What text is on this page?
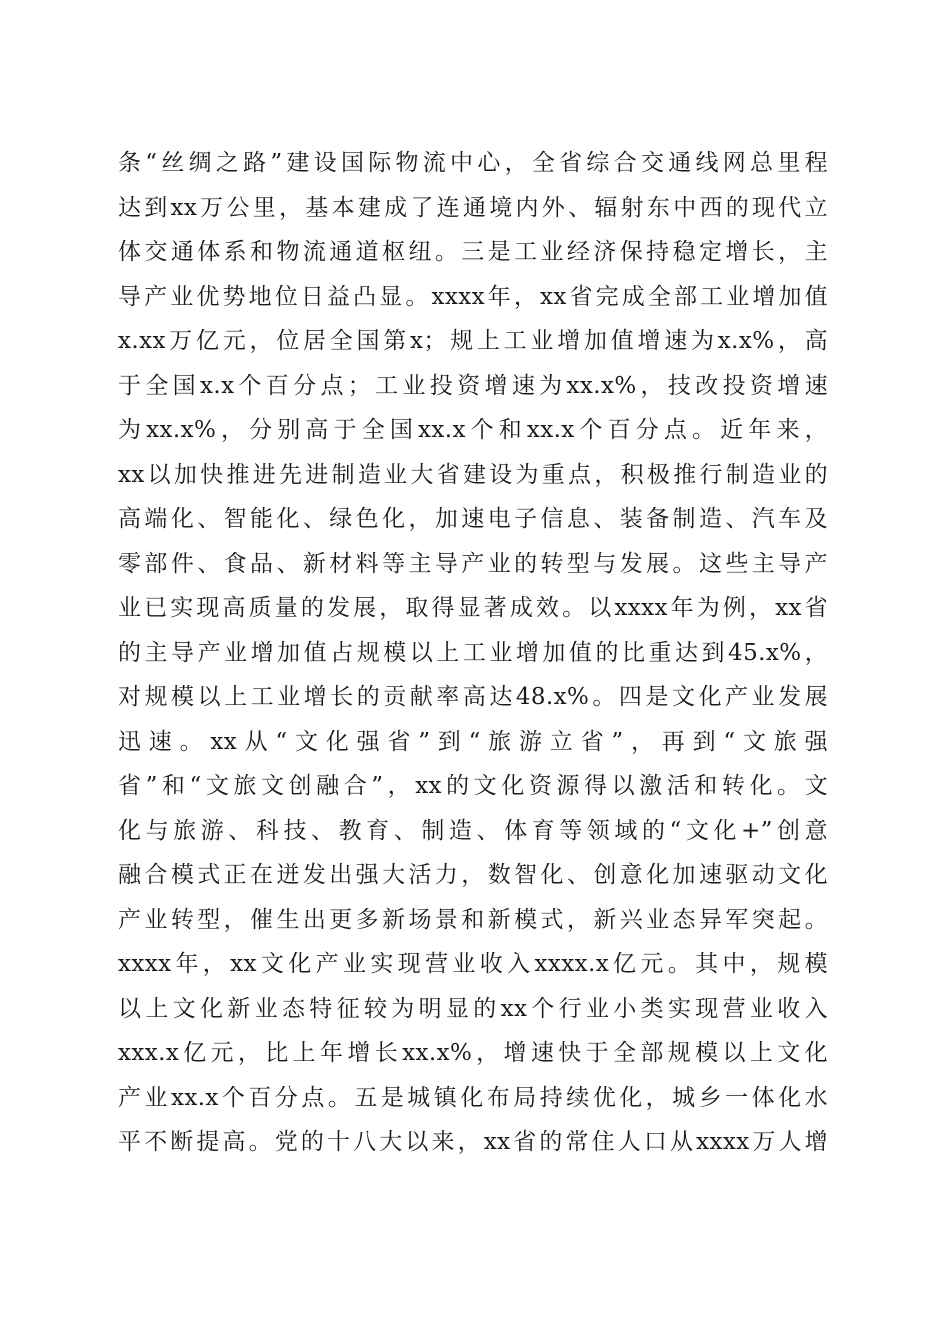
条“丝绸之路”建设国际物流中心，全省综合交通线网总里程
达到xx万公里，基本建成了连通境内外、辐射东中西的现代立
体交通体系和物流通道枢纽。三是工业经济保持稳定增长，主
导产业优势地位日益凸显。xxxx年，xx省完成全部工业增加值
x.xx万亿元，位居全国第x；规上工业增加值增速为x.x%，高
于全国x.x个百分点；工业投资增速为xx.x%，技改投资增速
为xx.x%，分别高于全国xx.x个和xx.x个百分点。近年来，
xx以加快推进先进制造业大省建设为重点，积极推行制造业的
高端化、智能化、绿色化，加速电子信息、装备制造、汽车及
零部件、食品、新材料等主导产业的转型与发展。这些主导产
业已实现高质量的发展，取得显著成效。以xxxx年为例，xx省
的主导产业增加值占规模以上工业增加值的比重达到45.x%，
对规模以上工业增长的贡献率高达48.x%。四是文化产业发展
迅速。xx从“文化强省”到“旅游立省”，再到“文旅强
省”和“文旅文创融合”，xx的文化资源得以激活和转化。文
化与旅游、科技、教育、制造、体育等领域的“文化+”创意
融合模式正在迸发出强大活力，数智化、创意化加速驱动文化
产业转型，催生出更多新场景和新模式，新兴业态异军突起。
xxxx年，xx文化产业实现营业收入xxxx.x亿元。其中，规模
以上文化新业态特征较为明显的xx个行业小类实现营业收入
xxx.x亿元，比上年增长xx.x%，增速快于全部规模以上文化
产业xx.x个百分点。五是城镇化布局持续优化，城乡一体化水
平不断提高。党的十八大以来，xx省的常住人口从xxxx万人增
